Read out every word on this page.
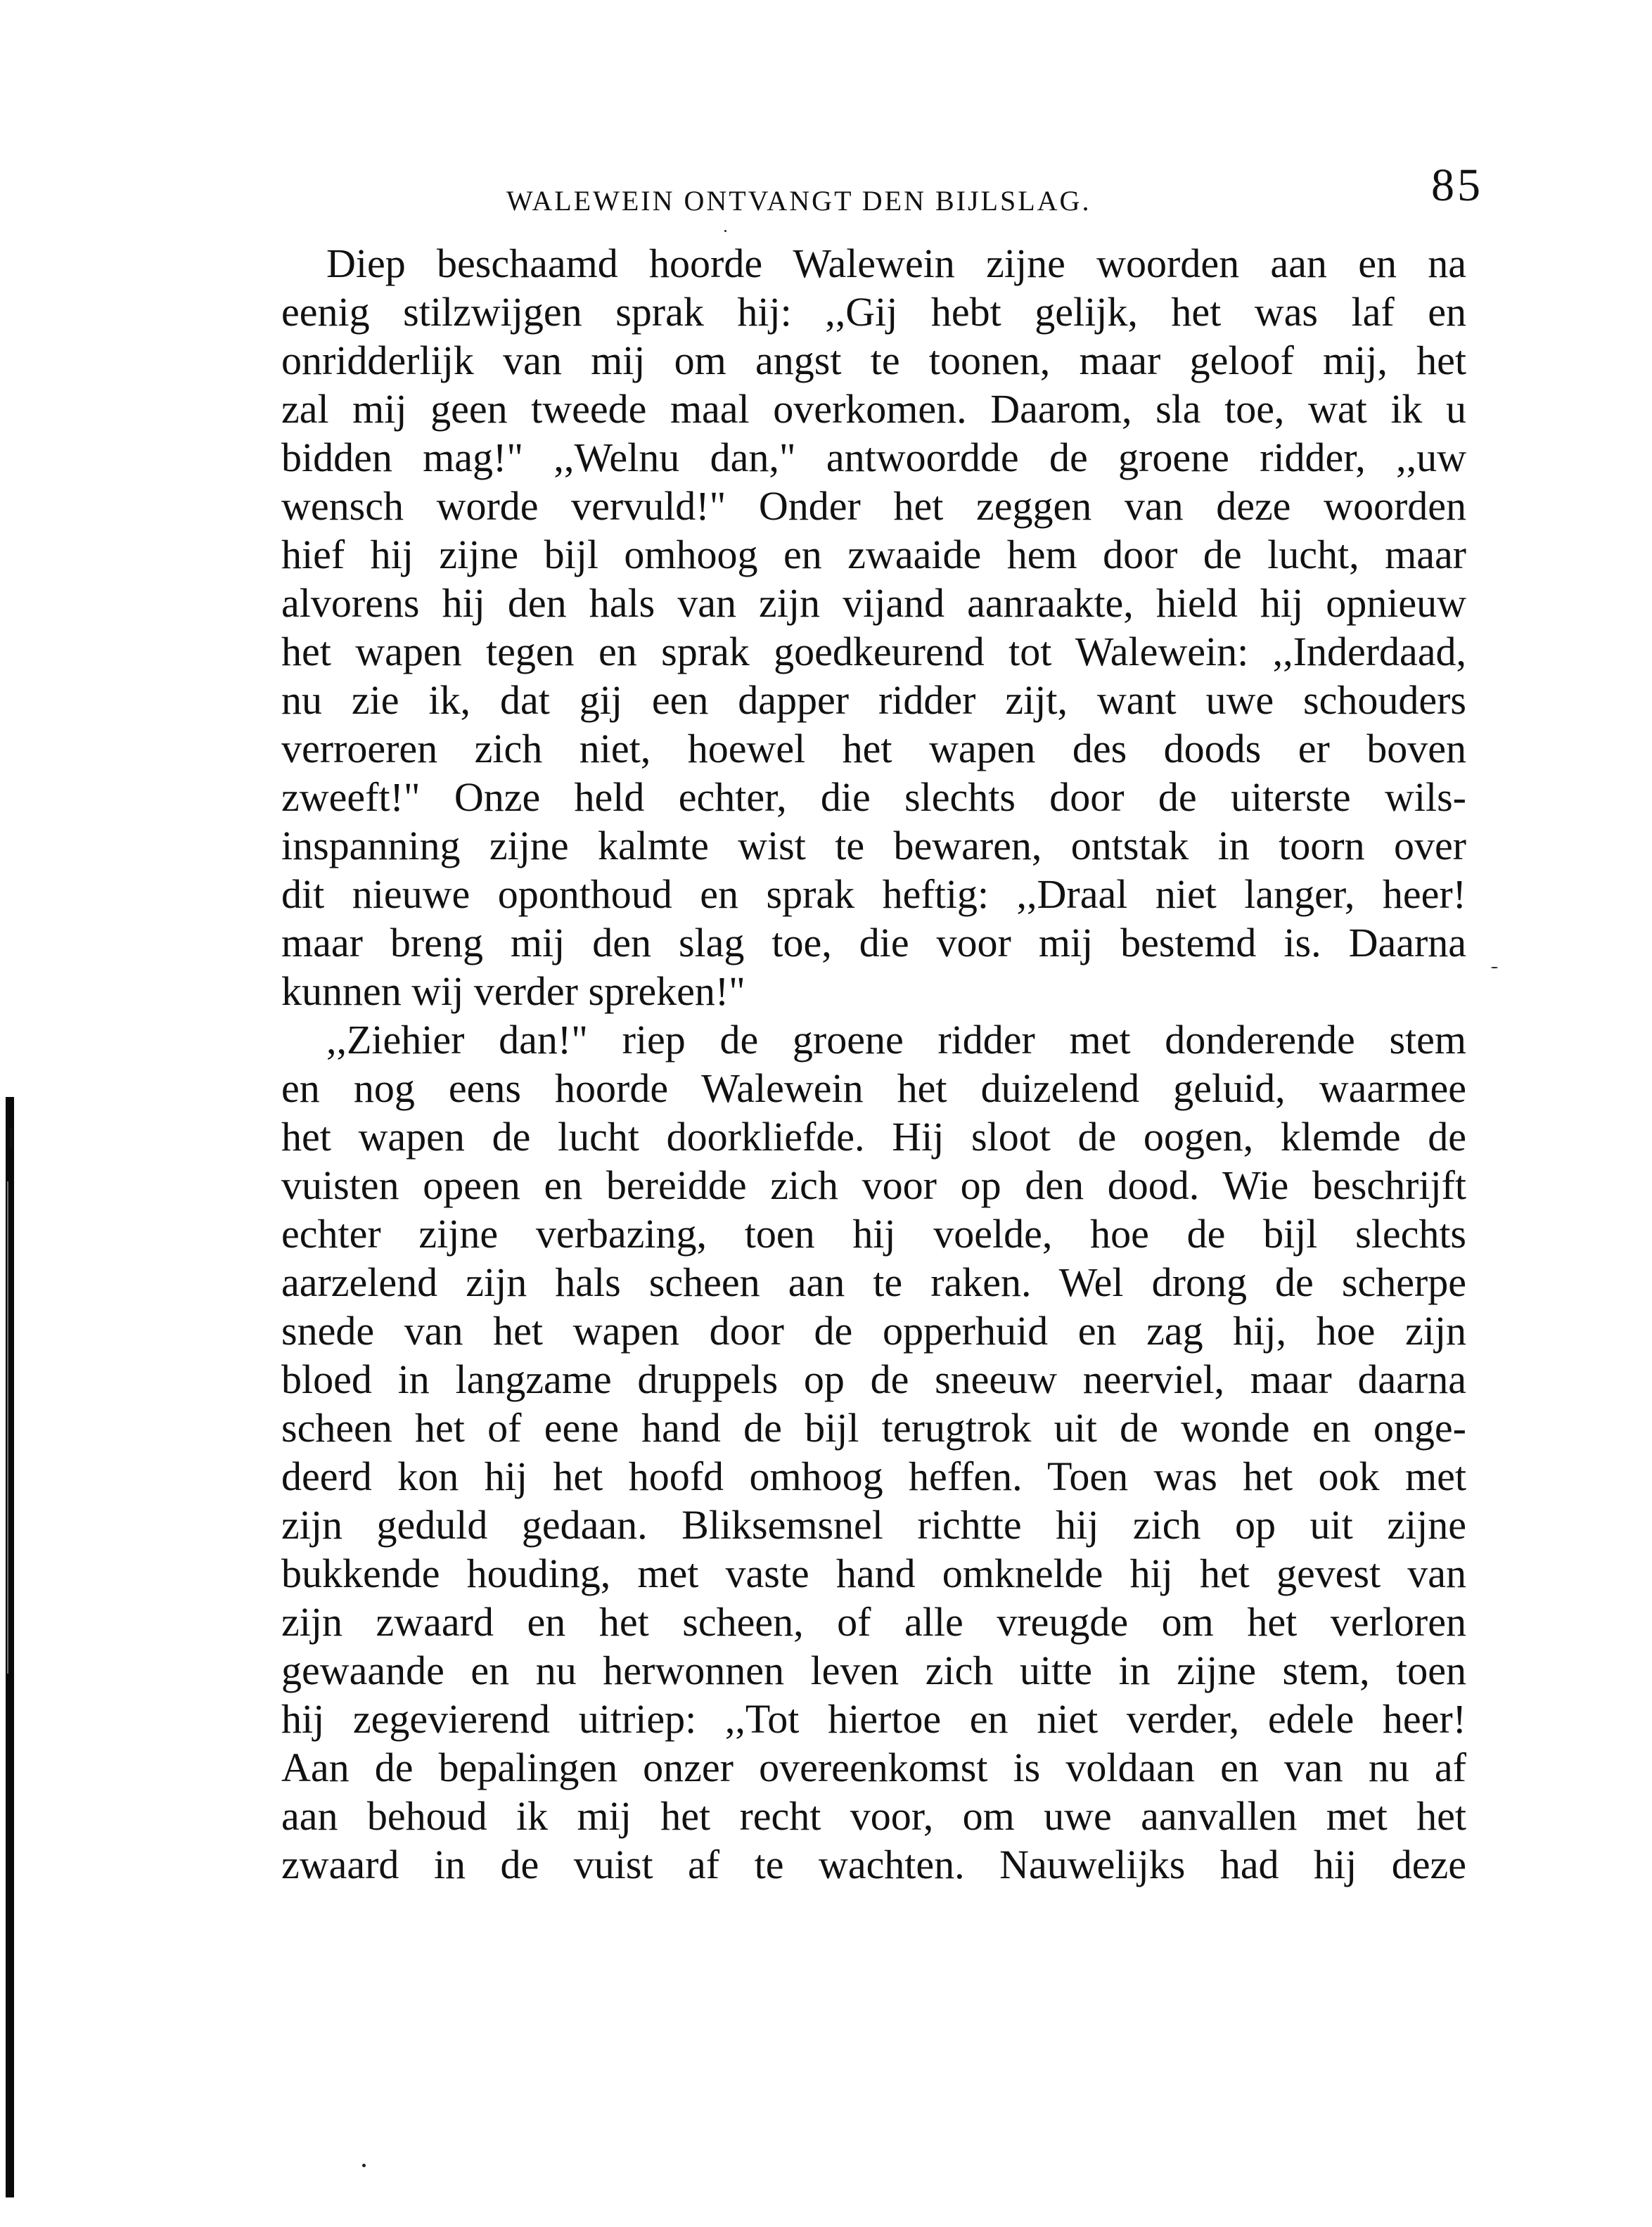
WALEWEIN ONTVANGT DEN BIJLSLAG.	85
Diep beschaamd hoorde Walewein zijne woorden aan en na
eenig stilzwijgen sprak hij: ,,Gij hebt gelijk, het was laf en
onridderlijk van mij om angst te toonen, maar geloof mij, het
zal mij geen tweede maal overkomen. Daarom, sla toe, wat ik u
bidden mag!" ,,Welnu dan," antwoordde de groene ridder, ,,uw
wensch worde vervuld!" Onder het zeggen van deze woorden
hief hij zijne bijl omhoog en zwaaide hem door de lucht, maar
alvorens hij den hals van zijn vijand aanraakte, hield hij opnieuw
het wapen tegen en sprak goedkeurend tot Walewein: ,,Inderdaad,
nu zie ik, dat gij een dapper ridder zijt, want uwe schouders
verroeren zich niet, hoewel het wapen des doods er boven
zweeft!" Onze held echter, die slechts door de uiterste wils-
inspanning zijne kalmte wist te bewaren, ontstak in toorn over
dit nieuwe oponthoud en sprak heftig: ,,Draal niet langer, heer!
maar breng mij den slag toe, die voor mij bestemd is. Daarna
kunnen wij verder spreken!"
,,Ziehier dan!" riep de groene ridder met donderende stem
en nog eens hoorde Walewein het duizelend geluid, waarmee
het wapen de lucht doorkliefde. Hij sloot de oogen, klemde de
vuisten opeen en bereidde zich voor op den dood. Wie beschrijft
echter zijne verbazing, toen hij voelde, hoe de bijl slechts
aarzelend zijn hals scheen aan te raken. Wel drong de scherpe
snede van het wapen door de opperhuid en zag hij, hoe zijn
bloed in langzame druppels op de sneeuw neerviel, maar daarna
scheen het of eene hand de bijl terugtrok uit de wonde en onge-
deerd kon hij het hoofd omhoog heffen. Toen was het ook met
zijn geduld gedaan. Bliksemsnel richtte hij zich op uit zijne
bukkende houding, met vaste hand omknelde hij het gevest van
zijn zwaard en het scheen, of alle vreugde om het verloren
gewaande en nu herwonnen leven zich uitte in zijne stem, toen
hij zegevierend uitriep: ,,Tot hiertoe en niet verder, edele heer!
Aan de bepalingen onzer overeenkomst is voldaan en van nu af
aan behoud ik mij het recht voor, om uwe aanvallen met het
zwaard in de vuist af te wachten. Nauwelijks had hij deze
